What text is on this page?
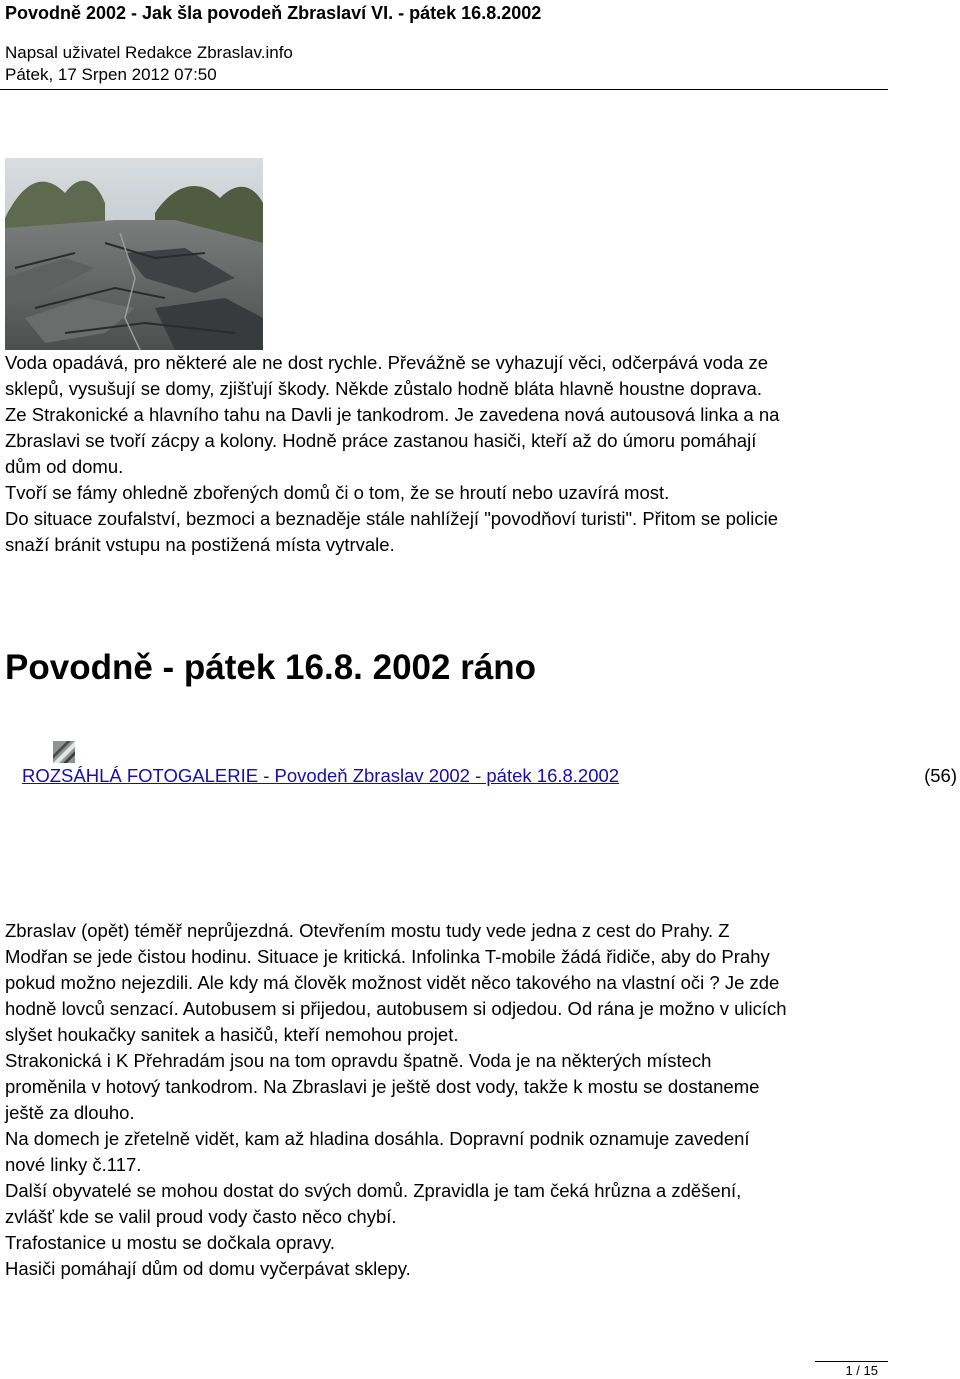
Povodně 2002 - Jak šla povodeň Zbraslaví VI. - pátek 16.8.2002
Napsal uživatel Redakce Zbraslav.info
Pátek, 17 Srpen 2012 07:50
Voda opadává, pro některé ale ne dost rychle. Převážně se vyhazují věci, odčerpává voda ze
sklepů, vysušují se domy, zjišťují škody. Někde zůstalo hodně bláta hlavně houstne doprava.
Ze Strakonické a hlavního tahu na Davli je tankodrom. Je zavedena nová autousová linka a na
Zbraslavi se tvoří zácpy a kolony. Hodně práce zastanou hasiči, kteří až do úmoru pomáhají
dům od domu.
Tvoří se fámy ohledně zbořených domů či o tom, že se hroutí nebo uzavírá most.
Do situace zoufalství, bezmoci a beznaděje stále nahlížejí "povodňoví turisti". Přitom se policie
snaží bránit vstupu na postižená místa vytrvale.
Povodně - pátek 16.8. 2002 ráno
ROZSÁHLÁ FOTOGALERIE - Povodeň Zbraslav 2002 - pátek 16.8.2002	(56)
Zbraslav (opět) téměř neprůjezdná. Otevřením mostu tudy vede jedna z cest do Prahy. Z
Modřan se jede čistou hodinu. Situace je kritická. Infolinka T-mobile žádá řidiče, aby do Prahy
pokud možno nejezdili. Ale kdy má člověk možnost vidět něco takového na vlastní oči ? Je zde
hodně lovců senzací. Autobusem si přijedou, autobusem si odjedou. Od rána je možno v ulicích
slyšet houkačky sanitek a hasičů, kteří nemohou projet.
Strakonická i K Přehradám jsou na tom opravdu špatně. Voda je na některých místech
proměnila v hotový tankodrom. Na Zbraslavi je ještě dost vody, takže k mostu se dostaneme
ještě za dlouho.
Na domech je zřetelně vidět, kam až hladina dosáhla. Dopravní podnik oznamuje zavedení
nové linky č.117.
Další obyvatelé se mohou dostat do svých domů. Zpravidla je tam čeká hrůzna a zděšení,
zvlášť kde se valil proud vody často něco chybí.
Trafostanice u mostu se dočkala opravy.
Hasiči pomáhají dům od domu vyčerpávat sklepy.
1 / 15
